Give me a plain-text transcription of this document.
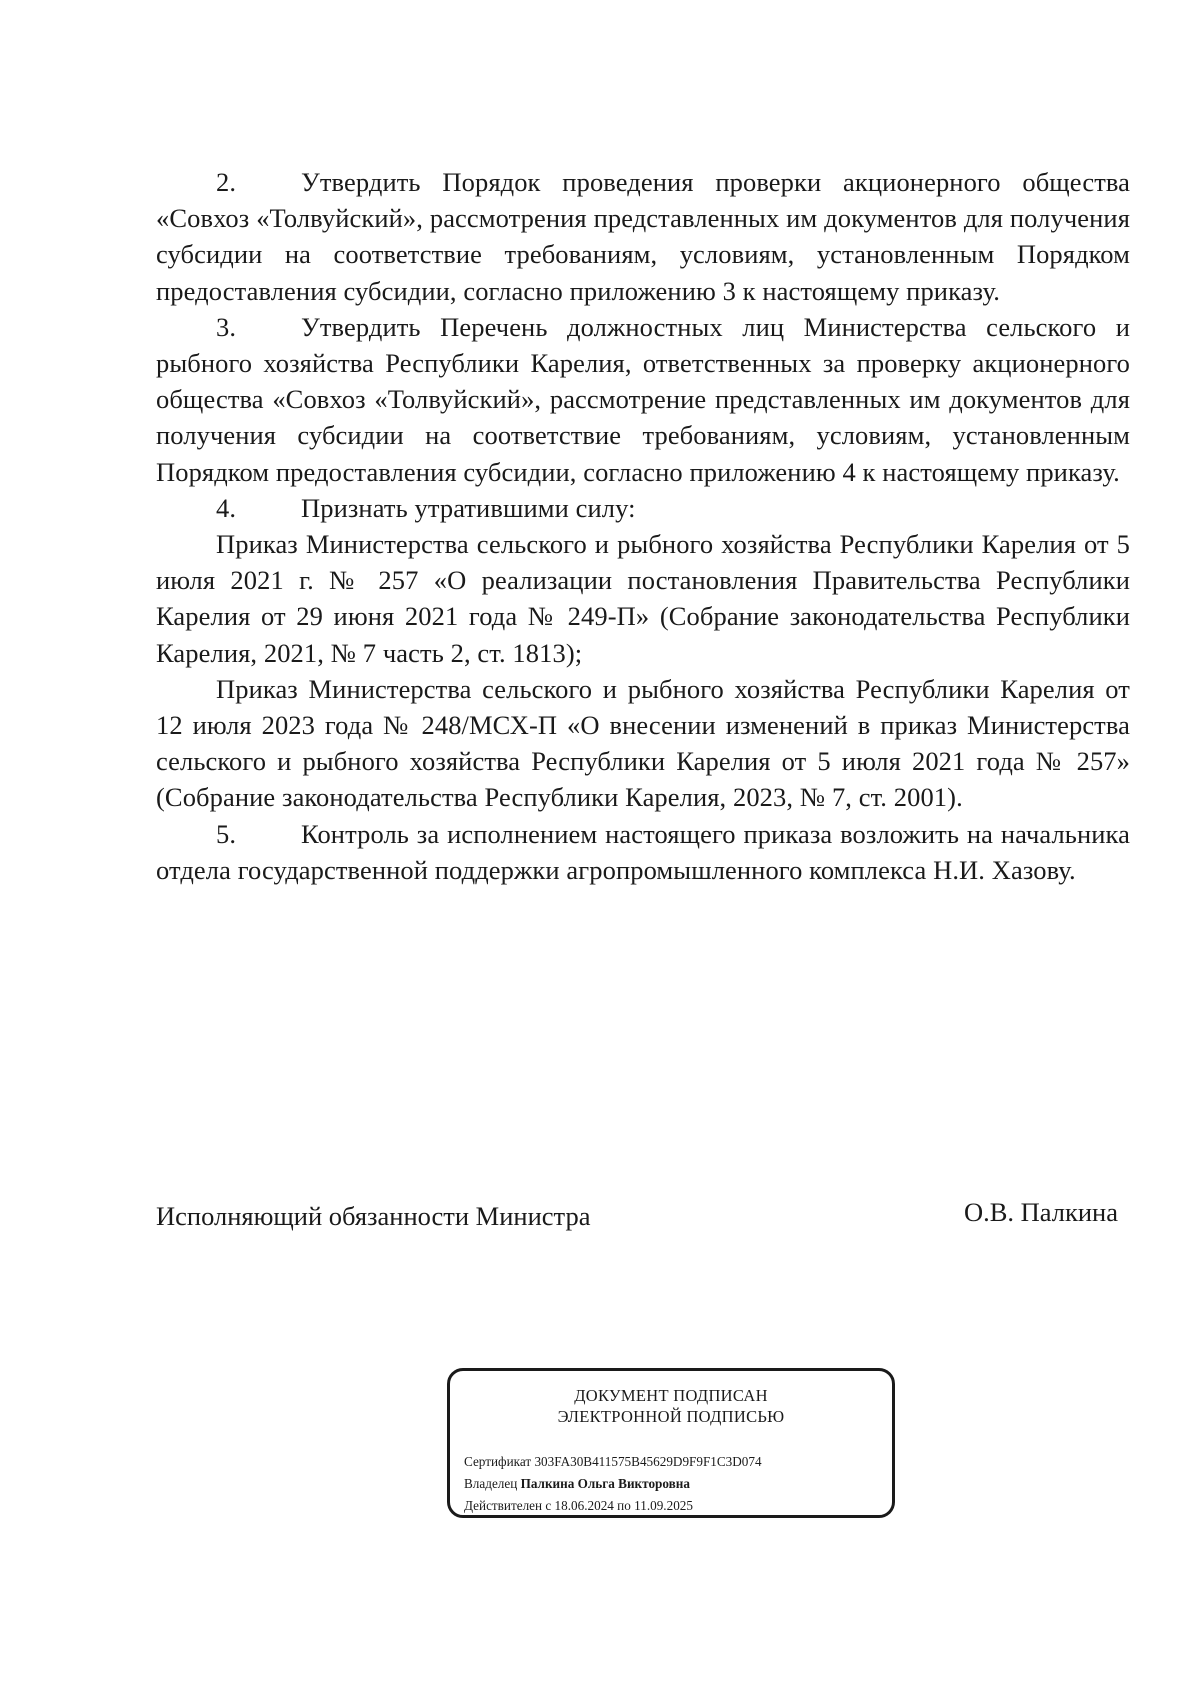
2. Утвердить Порядок проведения проверки акционерного общества «Совхоз «Толвуйский», рассмотрения представленных им документов для получения субсидии на соответствие требованиям, условиям, установленным Порядком предоставления субсидии, согласно приложению 3 к настоящему приказу.

3. Утвердить Перечень должностных лиц Министерства сельского и рыбного хозяйства Республики Карелия, ответственных за проверку акционерного общества «Совхоз «Толвуйский», рассмотрение представленных им документов для получения субсидии на соответствие требованиям, условиям, установленным Порядком предоставления субсидии, согласно приложению 4 к настоящему приказу.

4. Признать утратившими силу:

Приказ Министерства сельского и рыбного хозяйства Республики Карелия от 5 июля 2021 г. № 257 «О реализации постановления Правительства Республики Карелия от 29 июня 2021 года № 249-П» (Собрание законодательства Республики Карелия, 2021, № 7 часть 2, ст. 1813);

Приказ Министерства сельского и рыбного хозяйства Республики Карелия от 12 июля 2023 года № 248/МСХ-П «О внесении изменений в приказ Министерства сельского и рыбного хозяйства Республики Карелия от 5 июля 2021 года № 257» (Собрание законодательства Республики Карелия, 2023, № 7, ст. 2001).

5. Контроль за исполнением настоящего приказа возложить на начальника отдела государственной поддержки агропромышленного комплекса Н.И. Хазову.

Исполняющий обязанности Министра	О.В. Палкина
ДОКУМЕНТ ПОДПИСАН
ЭЛЕКТРОННОЙ ПОДПИСЬЮ
Сертификат 303FA30B411575B45629D9F9F1C3D074
Владелец Палкина Ольга Викторовна
Действителен с 18.06.2024 по 11.09.2025
